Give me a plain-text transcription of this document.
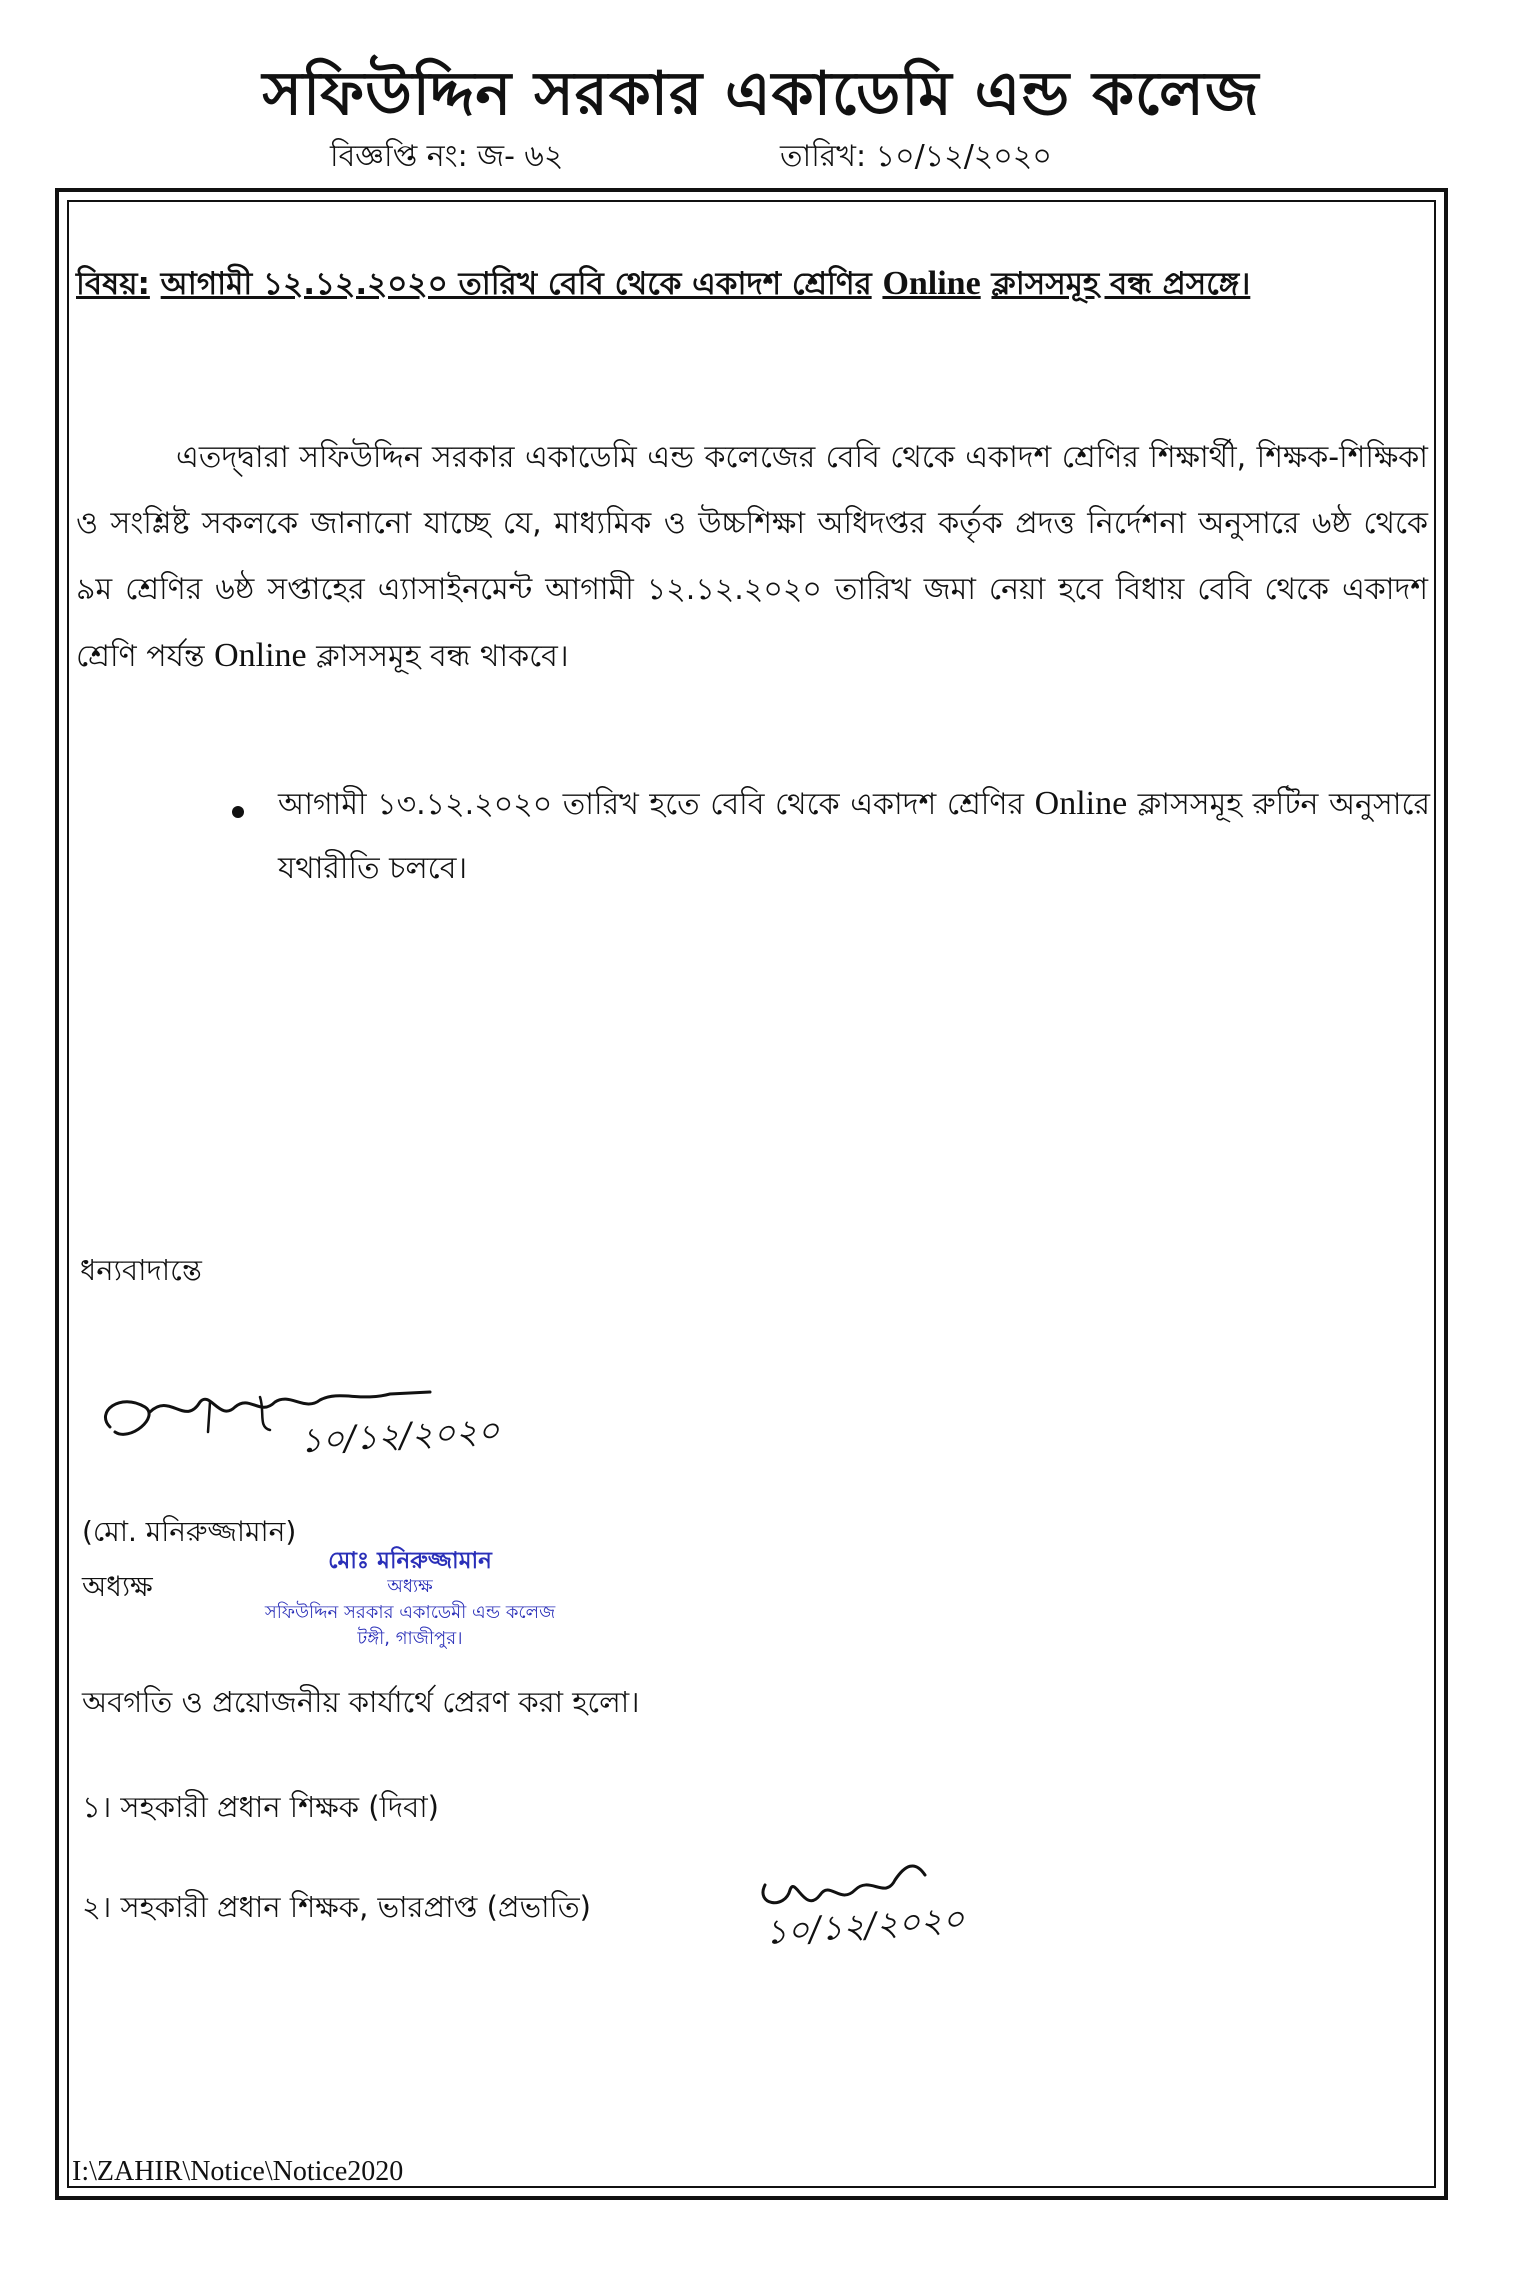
সফিউদ্দিন সরকার একাডেমি এন্ড কলেজ
বিজ্ঞপ্তি নং: জ- ৬২	তারিখ: ১০/১২/২০২০
বিষয়: আগামী ১২.১২.২০২০ তারিখ বেবি থেকে একাদশ শ্রেণির Online ক্লাসসমূহ বন্ধ প্রসঙ্গে।
এতদ্দ্বারা সফিউদ্দিন সরকার একাডেমি এন্ড কলেজের বেবি থেকে একাদশ শ্রেণির শিক্ষার্থী, শিক্ষক-শিক্ষিকা ও সংশ্লিষ্ট সকলকে জানানো যাচ্ছে যে, মাধ্যমিক ও উচ্চশিক্ষা অধিদপ্তর কর্তৃক প্রদত্ত নির্দেশনা অনুসারে ৬ষ্ঠ থেকে ৯ম শ্রেণির ৬ষ্ঠ সপ্তাহের এ্যাসাইনমেন্ট আগামী ১২.১২.২০২০ তারিখ জমা নেয়া হবে বিধায় বেবি থেকে একাদশ শ্রেণি পর্যন্ত Online ক্লাসসমূহ বন্ধ থাকবে।
আগামী ১৩.১২.২০২০ তারিখ হতে বেবি থেকে একাদশ শ্রেণির Online ক্লাসসমূহ রুটিন অনুসারে যথারীতি চলবে।
ধন্যবাদান্তে
১০/১২/২০২০
(মো. মনিরুজ্জামান)
অধ্যক্ষ
মোঃ মনিরুজ্জামান
অধ্যক্ষ
সফিউদ্দিন সরকার একাডেমী এন্ড কলেজ
টঙ্গী, গাজীপুর।
অবগতি ও প্রয়োজনীয় কার্যার্থে প্রেরণ করা হলো।
১। সহকারী প্রধান শিক্ষক (দিবা)
২। সহকারী প্রধান শিক্ষক, ভারপ্রাপ্ত (প্রভাতি)	১০/১২/২০২০
I:\ZAHIR\Notice\Notice2020
